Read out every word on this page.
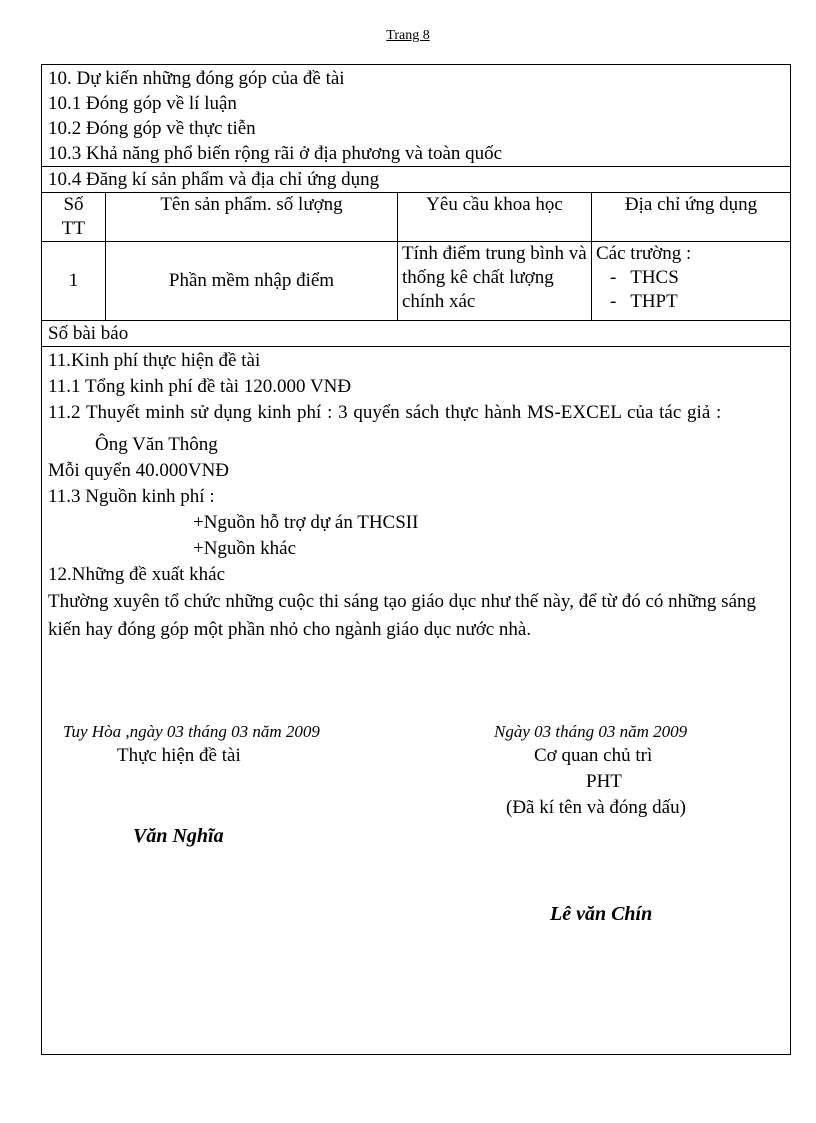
Trang 8
10. Dự kiến những đóng góp của đề tài
10.1 Đóng góp về lí luận
10.2 Đóng góp về thực tiễn
10.3 Khả năng phổ biến rộng rãi ở địa phương và toàn quốc
10.4 Đăng kí sản phẩm và địa chỉ ứng dụng
Số TT	Tên sản phẩm. số lượng	Yêu cầu khoa học	Địa chỉ ứng dụng
1	Phần mềm nhập điểm	Tính điểm trung bình và thống kê chất lượng chính xác	Các trường :
-   THCS
-   THPT
Số bài báo
11.Kinh phí thực hiện đề tài
11.1 Tổng kinh phí đề tài 120.000 VNĐ
11.2 Thuyết minh sử dụng kinh phí : 3 quyển sách thực hành MS-EXCEL của tác giả :
Ông Văn Thông
Mỗi quyển 40.000VNĐ
11.3 Nguồn kinh phí :
+Nguồn hỗ trợ dự án THCSII
+Nguồn khác
12.Những đề xuất khác
Thường xuyên tổ chức những cuộc thi sáng tạo giáo dục như thế này, để từ đó có những sáng kiến hay đóng góp một phần nhỏ cho ngành giáo dục nước nhà.
Tuy Hòa ,ngày 03 tháng 03 năm 2009
Thực hiện đề tài
Văn Nghĩa
Ngày 03 tháng 03 năm 2009
Cơ quan chủ trì
PHT
(Đã kí tên và đóng dấu)
Lê văn Chín
